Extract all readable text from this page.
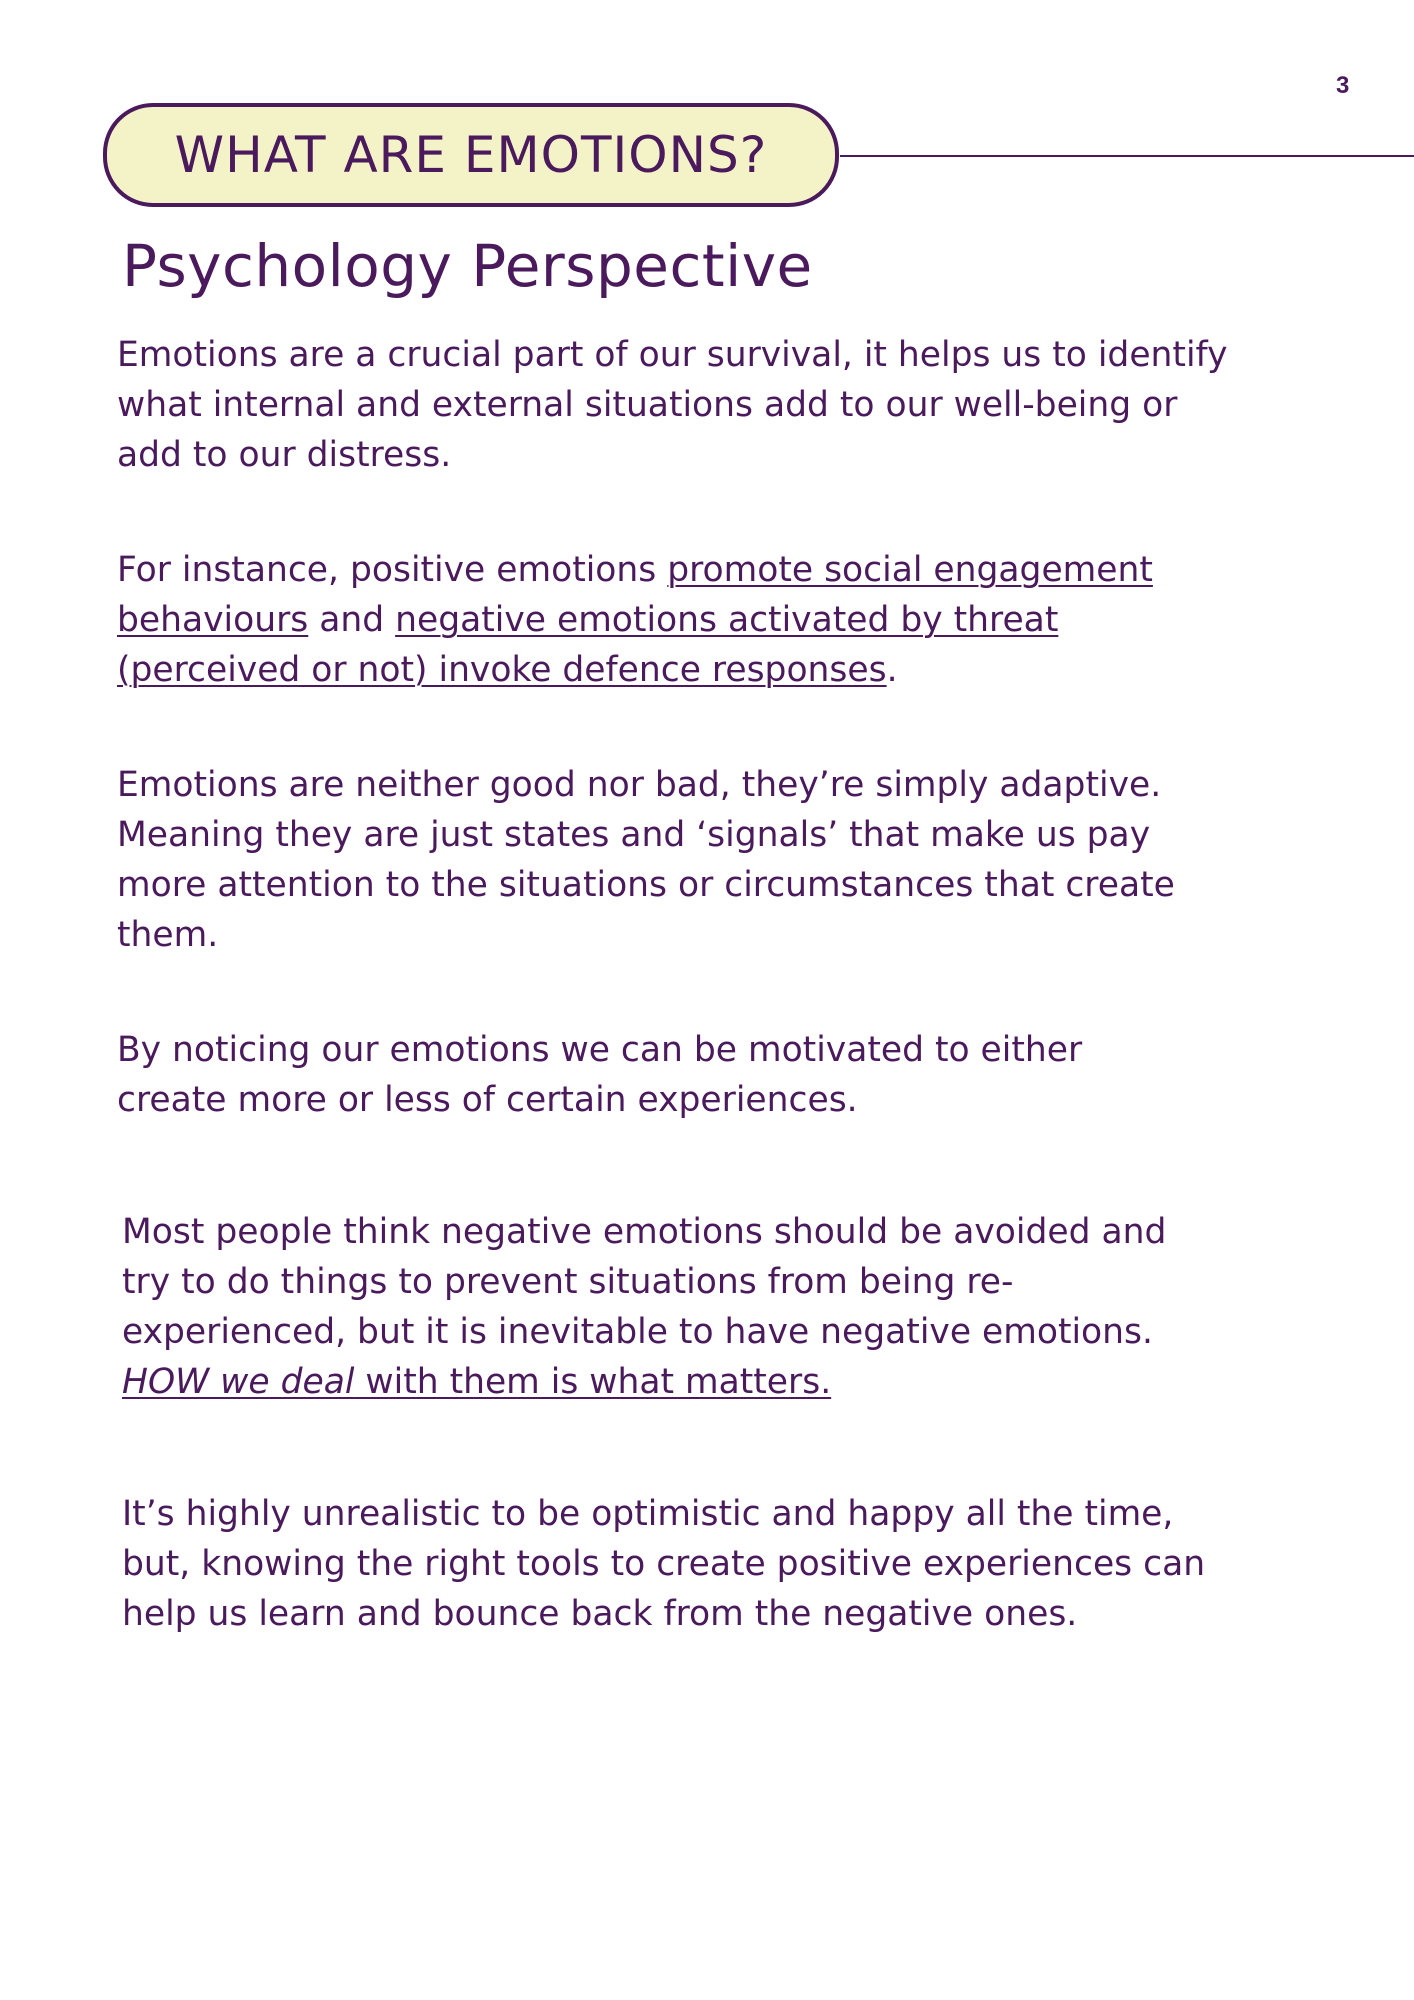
3
WHAT ARE EMOTIONS?
Psychology Perspective

Emotions are a crucial part of our survival, it helps us to identify
what internal and external situations add to our well-being or
add to our distress.

For instance, positive emotions promote social engagement
behaviours and negative emotions activated by threat
(perceived or not) invoke defence responses.

Emotions are neither good nor bad, they’re simply adaptive.
Meaning they are just states and ‘signals’ that make us pay
more attention to the situations or circumstances that create
them.

By noticing our emotions we can be motivated to either
create more or less of certain experiences.

Most people think negative emotions should be avoided and
try to do things to prevent situations from being re-
experienced, but it is inevitable to have negative emotions.
HOW we deal with them is what matters.

It’s highly unrealistic to be optimistic and happy all the time,
but, knowing the right tools to create positive experiences can
help us learn and bounce back from the negative ones.
